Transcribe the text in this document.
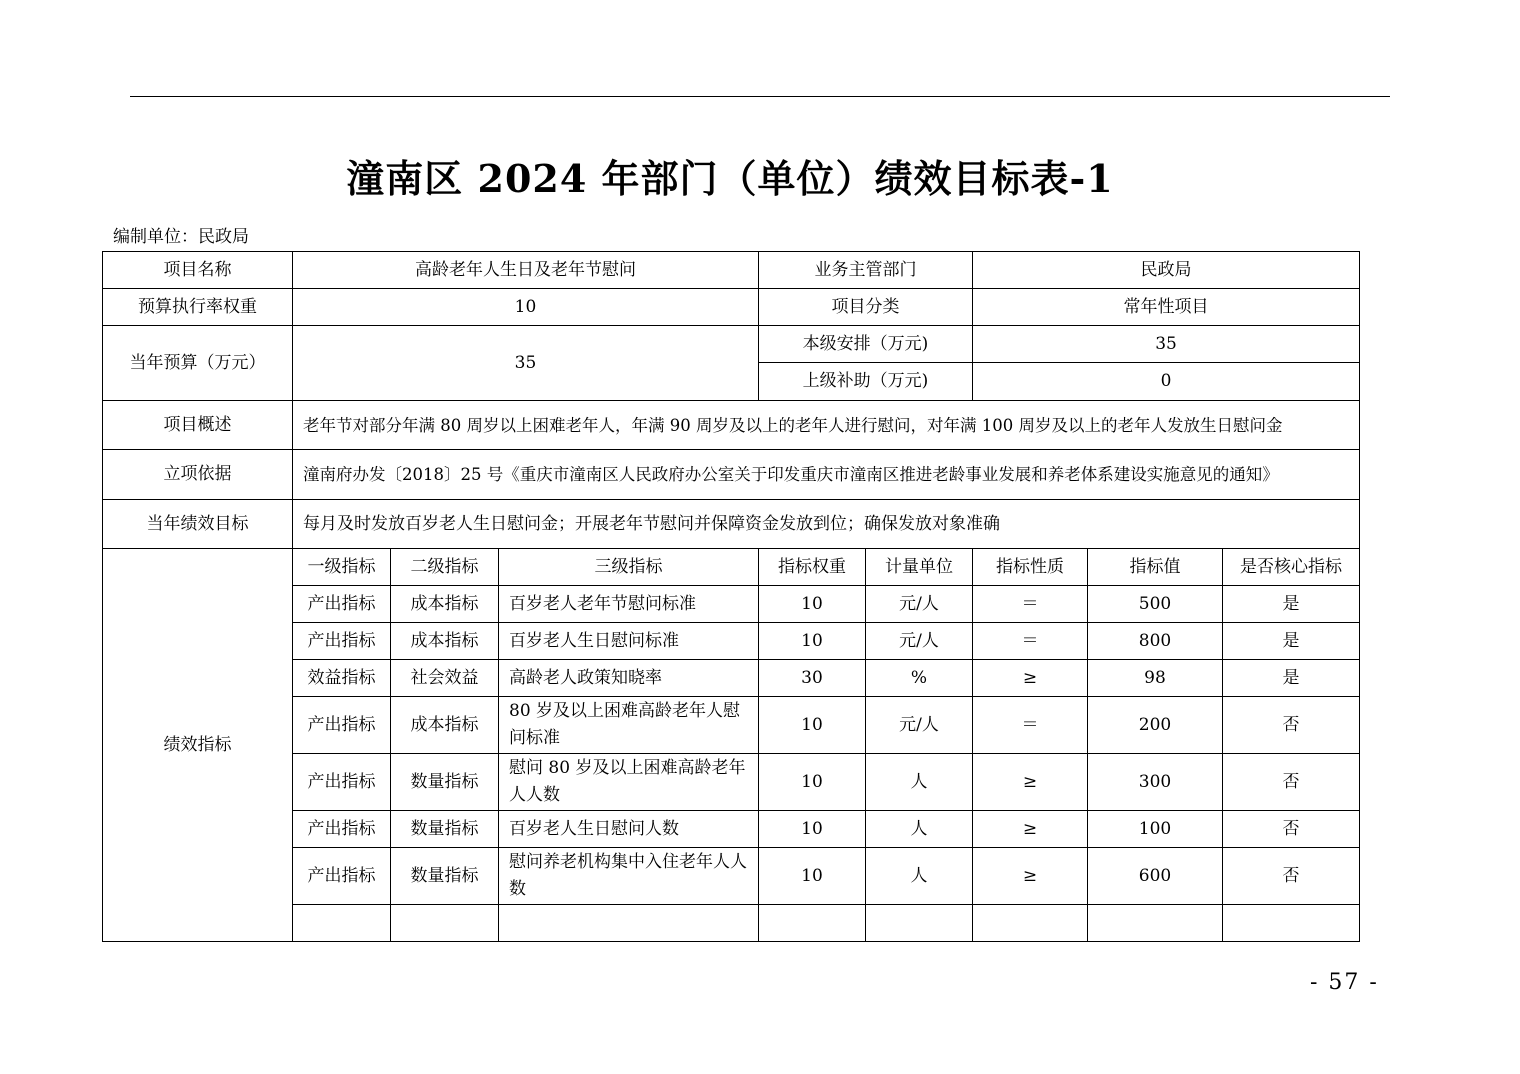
潼南区 2024 年部门（单位）绩效目标表-1
编制单位：民政局
项目名称	高龄老年人生日及老年节慰问			业务主管部门		民政局		
预算执行率权重	10			项目分类		常年性项目		
当年预算（万元）	35			本级安排（万元)		35		
				上级补助（万元)		0		
项目概述	老年节对部分年满 80 周岁以上困难老年人，年满 90 周岁及以上的老年人进行慰问，对年满 100 周岁及以上的老年人发放生日慰问金							
立项依据	潼南府办发〔2018〕25 号《重庆市潼南区人民政府办公室关于印发重庆市潼南区推进老龄事业发展和养老体系建设实施意见的通知》							
当年绩效目标	每月及时发放百岁老人生日慰问金；开展老年节慰问并保障资金发放到位；确保发放对象准确							
绩效指标	一级指标	二级指标	三级指标	指标权重	计量单位	指标性质	指标值	是否核心指标
	产出指标	成本指标	百岁老人老年节慰问标准	10	元/人	＝	500	是
	产出指标	成本指标	百岁老人生日慰问标准	10	元/人	＝	800	是
	效益指标	社会效益	高龄老人政策知晓率	30	%	≥	98	是
	产出指标	成本指标	80 岁及以上困难高龄老年人慰问标准	10	元/人	＝	200	否
	产出指标	数量指标	慰问 80 岁及以上困难高龄老年人人数	10	人	≥	300	否
	产出指标	数量指标	百岁老人生日慰问人数	10	人	≥	100	否
	产出指标	数量指标	慰问养老机构集中入住老年人人数	10	人	≥	600	否

- 57 -
